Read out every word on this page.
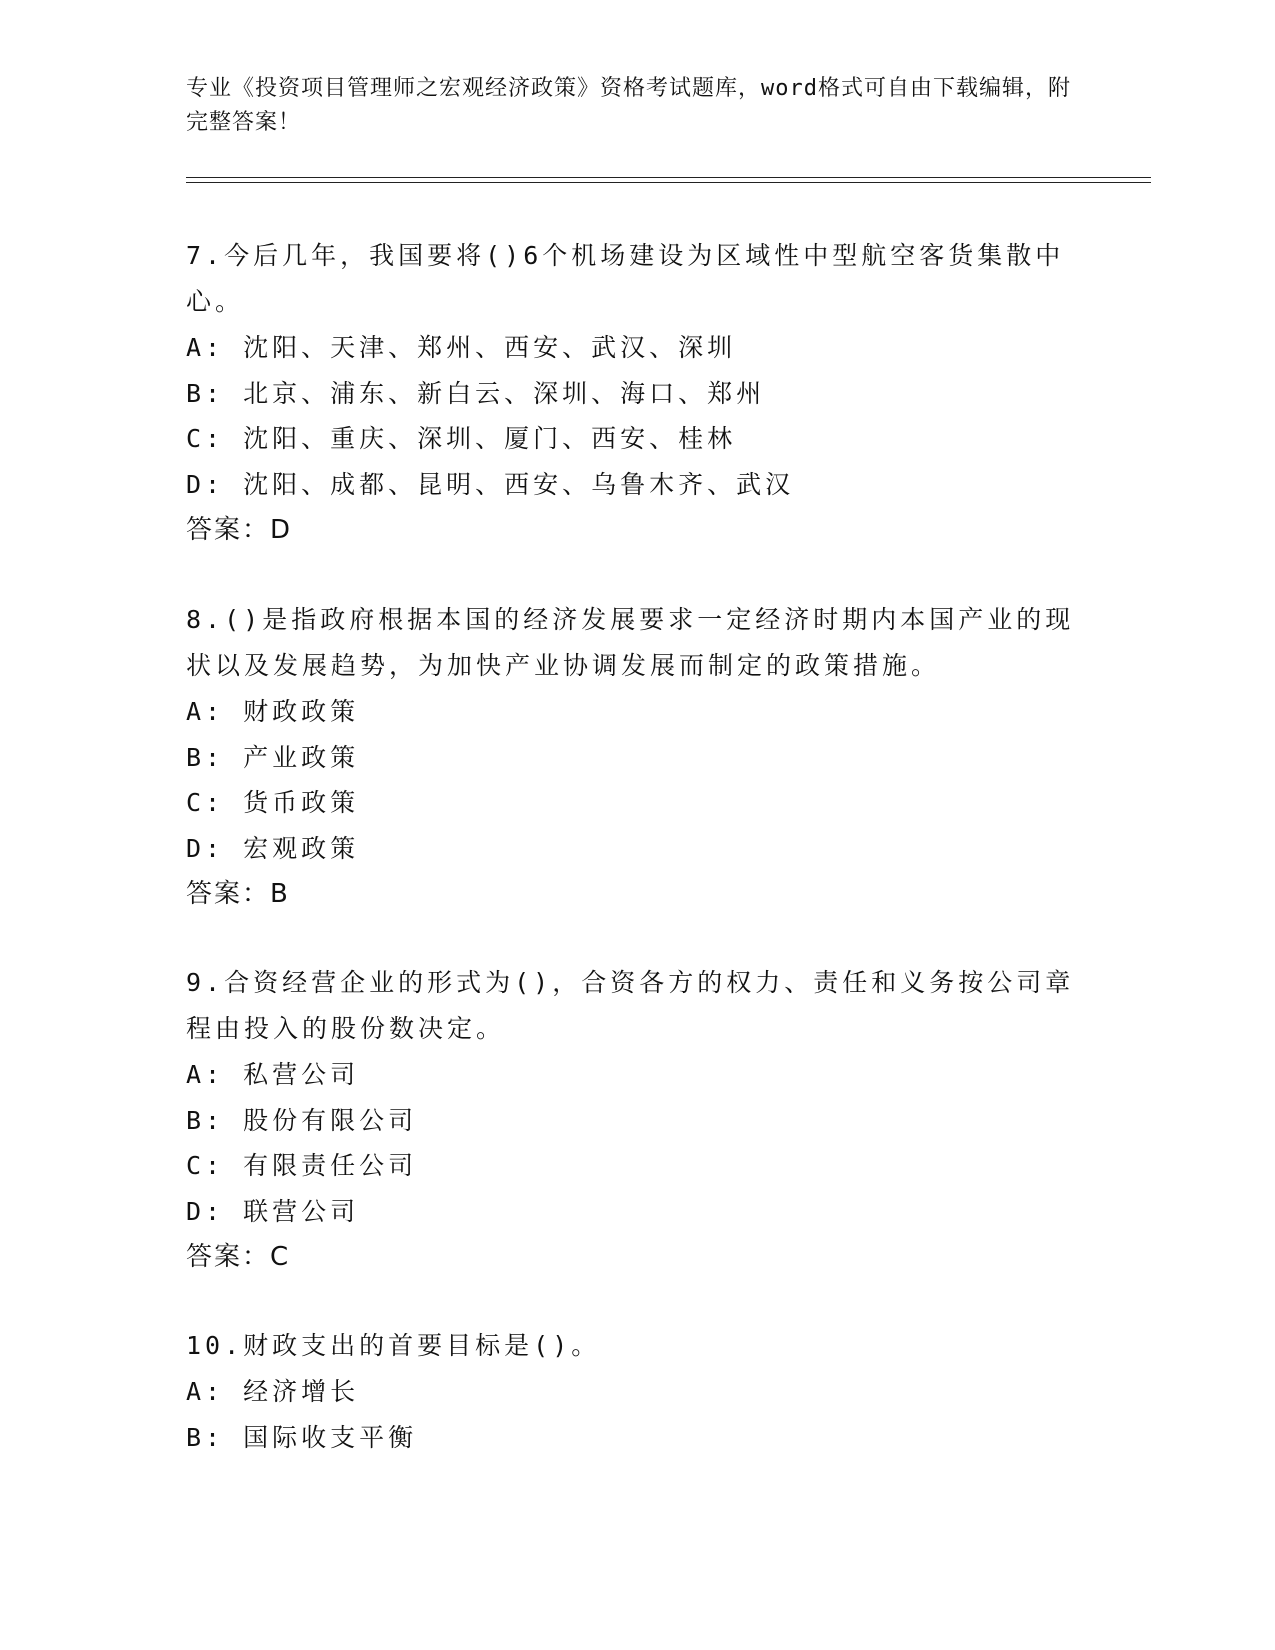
专业《投资项目管理师之宏观经济政策》资格考试题库，word格式可自由下载编辑，附完整答案！
7.今后几年，我国要将()6个机场建设为区域性中型航空客货集散中心。
A: 沈阳、天津、郑州、西安、武汉、深圳
B: 北京、浦东、新白云、深圳、海口、郑州
C: 沈阳、重庆、深圳、厦门、西安、桂林
D: 沈阳、成都、昆明、西安、乌鲁木齐、武汉
答案：D
8.()是指政府根据本国的经济发展要求一定经济时期内本国产业的现状以及发展趋势，为加快产业协调发展而制定的政策措施。
A: 财政政策
B: 产业政策
C: 货币政策
D: 宏观政策
答案：B
9.合资经营企业的形式为()，合资各方的权力、责任和义务按公司章程由投入的股份数决定。
A: 私营公司
B: 股份有限公司
C: 有限责任公司
D: 联营公司
答案：C
10.财政支出的首要目标是()。
A: 经济增长
B: 国际收支平衡
